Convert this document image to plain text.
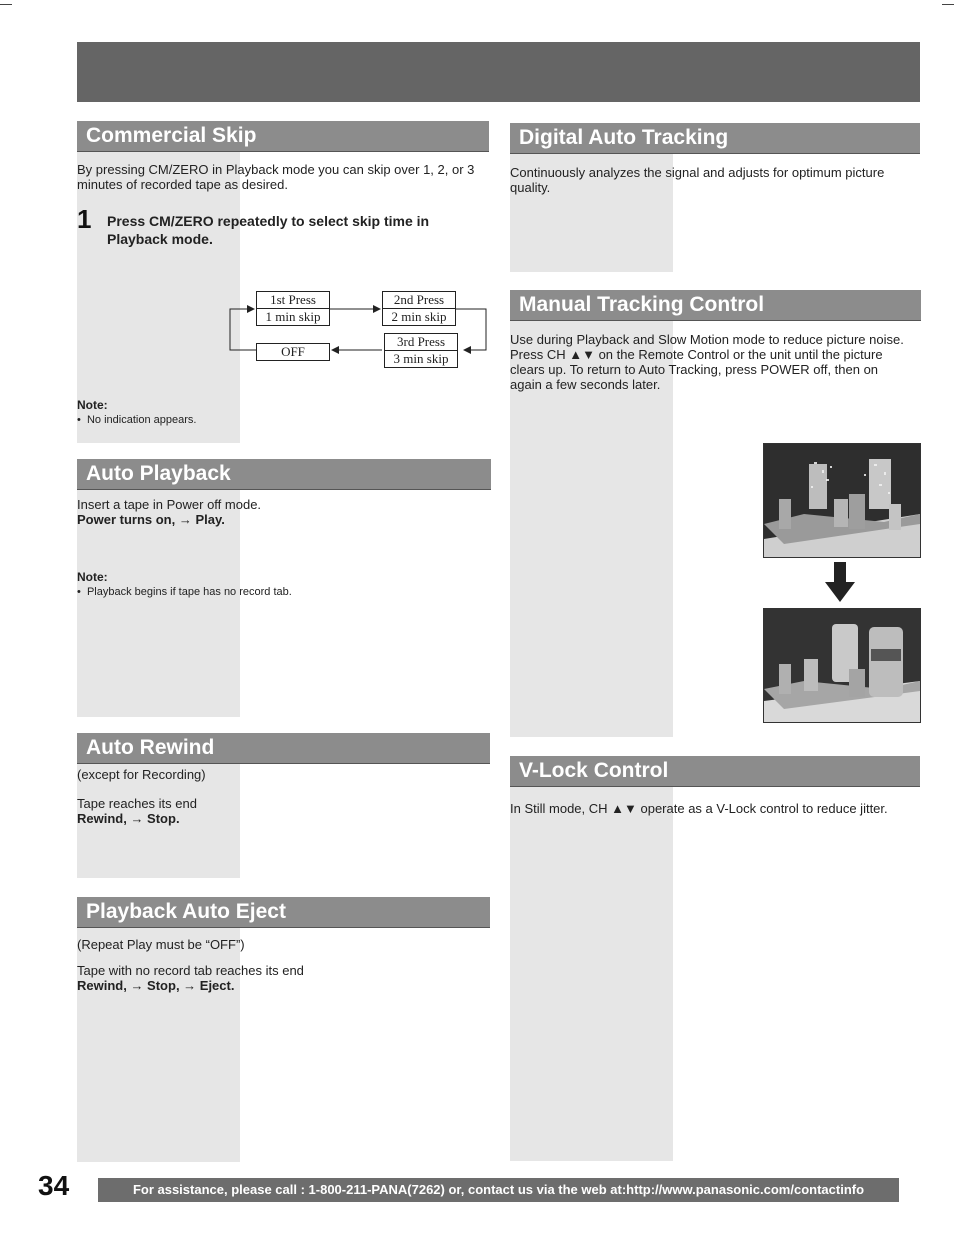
Commercial Skip
By pressing CM/ZERO in Playback mode you can skip over 1, 2, or 3 minutes of recorded tape as desired.
1 Press CM/ZERO repeatedly to select skip time in Playback mode.
1st Press
1 min skip
2nd Press
2 min skip
3rd Press
3 min skip
OFF
Note:
•  No indication appears.
Auto Playback
Insert a tape in Power off mode.
Power turns on, → Play.
Note:
•  Playback begins if tape has no record tab.
Auto Rewind
(except for Recording)
Tape reaches its end
Rewind, → Stop.
Playback Auto Eject
(Repeat Play must be “OFF”)
Tape with no record tab reaches its end
Rewind, → Stop, → Eject.
Digital Auto Tracking
Continuously analyzes the signal and adjusts for optimum picture quality.
Manual Tracking Control
Use during Playback and Slow Motion mode to reduce picture noise. Press CH ▲▼ on the Remote Control or the unit until the picture clears up. To return to Auto Tracking, press POWER off, then on again a few seconds later.
V-Lock Control
In Still mode, CH ▲▼ operate as a V-Lock control to reduce jitter.
34	For assistance, please call : 1-800-211-PANA(7262) or, contact us via the web at:http://www.panasonic.com/contactinfo
